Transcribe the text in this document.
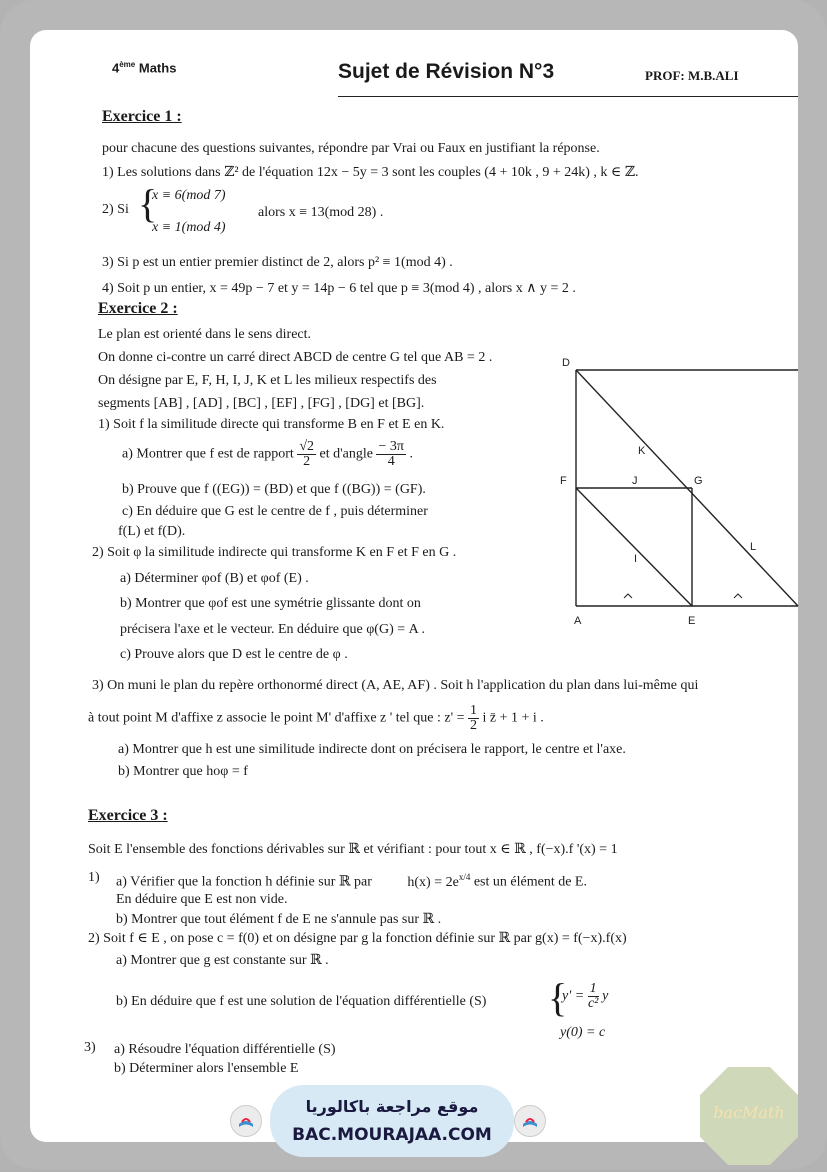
4ème Maths	Sujet de Révision N°3	PROF: M.B.ALI
Exercice 1 :
pour chacune des questions suivantes, répondre par Vrai ou Faux en justifiant la réponse.
1) Les solutions dans ℤ² de l'équation 12x − 5y = 3 sont les couples (4 + 10k , 9 + 24k) , k ∈ ℤ.
2) Si {
x ≡ 6(mod 7)
x ≡ 1(mod 4)
alors x ≡ 13(mod 28) .
3) Si p est un entier premier distinct de 2, alors p² ≡ 1(mod 4) .
4) Soit p un entier, x = 49p − 7 et y = 14p − 6 tel que p ≡ 3(mod 4) , alors x ∧ y = 2 .
Exercice 2 :
Le plan est orienté dans le sens direct.
On donne ci-contre un carré direct ABCD de centre G tel que AB = 2 .
On désigne par E, F, H, I, J, K et L les milieux respectifs des
segments [AB] , [AD] , [BC] , [EF] , [FG] , [DG] et [BG].
1) Soit f la similitude directe qui transforme B en F et E en K.
a) Montrer que f est de rapport $\frac{√2}{2}$ et d'angle $\frac{- 3\pi}{4}$ .
b) Prouve que f ((EG)) = (BD) et que f ((BG)) = (GF).
c) En déduire que G est le centre de f , puis déterminer
f(L) et f(D).
2) Soit φ la similitude indirecte qui transforme K en F et F en G .
a) Déterminer φof (B) et φof (E) .
b) Montrer que φof est une symétrie glissante dont on
précisera l'axe et le vecteur. En déduire que φ(G) = A .
c) Prouve alors que D est le centre de φ .
3) On muni le plan du repère orthonormé direct (A, AE, AF) . Soit h l'application du plan dans lui-même qui
à tout point M d'affixe z associe le point M' d'affixe z ' tel que : $z' = \frac{1}{2}$ i z̄ + 1 + i .
a) Montrer que h est une similitude indirecte dont on précisera le rapport, le centre et l'axe.
b) Montrer que hoφ = f
D
F
A	E
K
J	G
I
L
Exercice 3 :
Soit E l'ensemble des fonctions dérivables sur ℝ et vérifiant : pour tout x ∈ ℝ , f(−x).f '(x) = 1
1) a) Vérifier que la fonction h définie sur ℝ par	$h(x) = 2e^{x/4}$ est un élément de E.
En déduire que E est non vide.
b) Montrer que tout élément f de E ne s'annule pas sur ℝ .
2) Soit f ∈ E , on pose c = f(0) et on désigne par g la fonction définie sur ℝ par g(x) = f(−x).f(x)
a) Montrer que g est constante sur ℝ .
b) En déduire que f est une solution de l'équation différentielle (S) {
$y' = \frac{1}{\text{c²}}$ y
y(0) = c
3) a) Résoudre l'équation différentielle (S)
b) Déterminer alors l'ensemble E
موقع مراجعة باكالوريا
BAC.MOURAJAA.COM
bacMath
